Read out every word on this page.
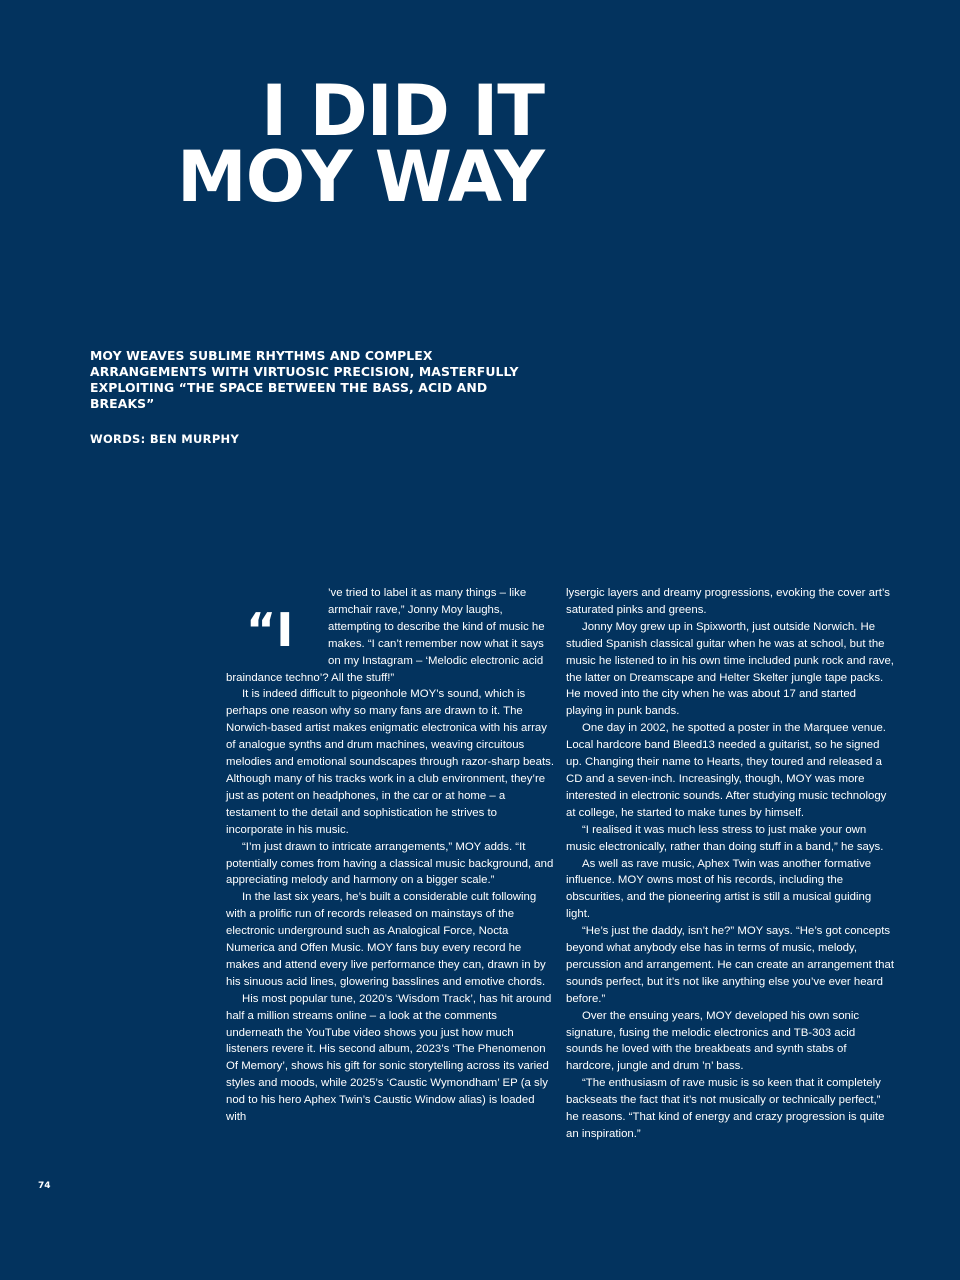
I DID IT
MOY WAY

MOY WEAVES SUBLIME RHYTHMS AND COMPLEX ARRANGEMENTS WITH VIRTUOSIC PRECISION, MASTERFULLY EXPLOITING “THE SPACE BETWEEN THE BASS, ACID AND BREAKS”

WORDS: BEN MURPHY

“I

’ve tried to label it as many things – like armchair rave,” Jonny Moy laughs, attempting to describe the kind of music he makes. “I can’t remember now what it says on my Instagram – ‘Melodic electronic acid braindance techno’? All the stuff!”

It is indeed difficult to pigeonhole MOY’s sound, which is perhaps one reason why so many fans are drawn to it. The Norwich-based artist makes enigmatic electronica with his array of analogue synths and drum machines, weaving circuitous melodies and emotional soundscapes through razor-sharp beats. Although many of his tracks work in a club environment, they’re just as potent on headphones, in the car or at home – a testament to the detail and sophistication he strives to incorporate in his music.

“I’m just drawn to intricate arrangements,” MOY adds. “It potentially comes from having a classical music background, and appreciating melody and harmony on a bigger scale.”

In the last six years, he’s built a considerable cult following with a prolific run of records released on mainstays of the electronic underground such as Analogical Force, Nocta Numerica and Offen Music. MOY fans buy every record he makes and attend every live performance they can, drawn in by his sinuous acid lines, glowering basslines and emotive chords.

His most popular tune, 2020’s ‘Wisdom Track’, has hit around half a million streams online – a look at the comments underneath the YouTube video shows you just how much listeners revere it. His second album, 2023’s ‘The Phenomenon Of Memory’, shows his gift for sonic storytelling across its varied styles and moods, while 2025’s ‘Caustic Wymondham’ EP (a sly nod to his hero Aphex Twin’s Caustic Window alias) is loaded with

lysergic layers and dreamy progressions, evoking the cover art’s saturated pinks and greens.

Jonny Moy grew up in Spixworth, just outside Norwich. He studied Spanish classical guitar when he was at school, but the music he listened to in his own time included punk rock and rave, the latter on Dreamscape and Helter Skelter jungle tape packs. He moved into the city when he was about 17 and started playing in punk bands.

One day in 2002, he spotted a poster in the Marquee venue. Local hardcore band Bleed13 needed a guitarist, so he signed up. Changing their name to Hearts, they toured and released a CD and a seven-inch. Increasingly, though, MOY was more interested in electronic sounds. After studying music technology at college, he started to make tunes by himself.

“I realised it was much less stress to just make your own music electronically, rather than doing stuff in a band,” he says.

As well as rave music, Aphex Twin was another formative influence. MOY owns most of his records, including the obscurities, and the pioneering artist is still a musical guiding light.

“He’s just the daddy, isn’t he?” MOY says. “He’s got concepts beyond what anybody else has in terms of music, melody, percussion and arrangement. He can create an arrangement that sounds perfect, but it’s not like anything else you’ve ever heard before.”

Over the ensuing years, MOY developed his own sonic signature, fusing the melodic electronics and TB-303 acid sounds he loved with the breakbeats and synth stabs of hardcore, jungle and drum ’n’ bass.

“The enthusiasm of rave music is so keen that it completely backseats the fact that it’s not musically or technically perfect,” he reasons. “That kind of energy and crazy progression is quite an inspiration.”

74
